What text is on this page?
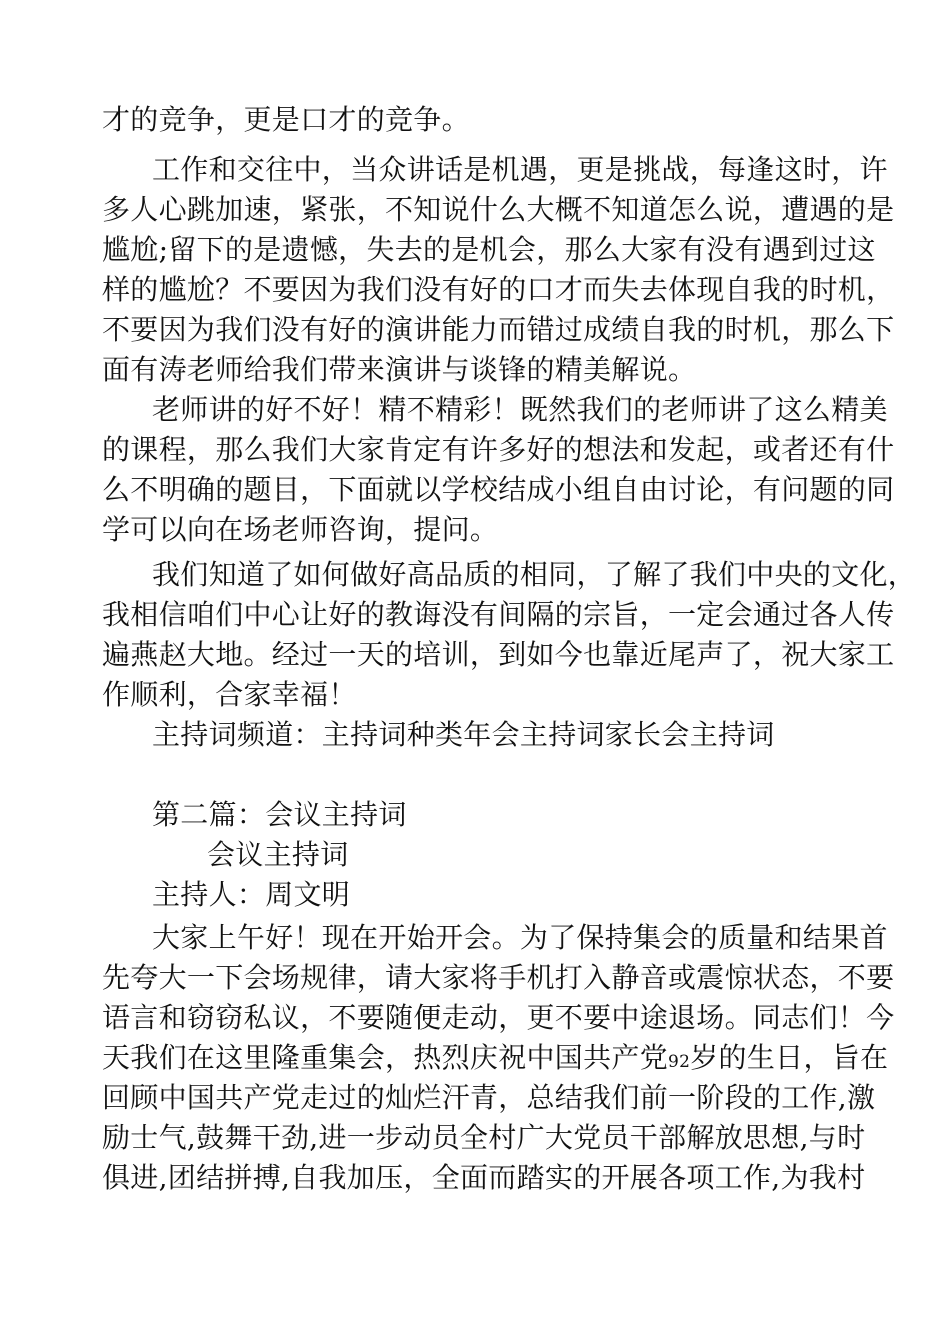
才的竞争，更是口才的竞争。
工作和交往中，当众讲话是机遇，更是挑战，每逢这时，许
多人心跳加速，紧张，不知说什么大概不知道怎么说，遭遇的是
尴尬;留下的是遗憾，失去的是机会，那么大家有没有遇到过这
样的尴尬？不要因为我们没有好的口才而失去体现自我的时机，
不要因为我们没有好的演讲能力而错过成绩自我的时机，那么下
面有涛老师给我们带来演讲与谈锋的精美解说。
老师讲的好不好！精不精彩！既然我们的老师讲了这么精美
的课程，那么我们大家肯定有许多好的想法和发起，或者还有什
么不明确的题目，下面就以学校结成小组自由讨论，有问题的同
学可以向在场老师咨询，提问。
我们知道了如何做好高品质的相同，了解了我们中央的文化，
我相信咱们中心让好的教诲没有间隔的宗旨，一定会通过各人传
遍燕赵大地。经过一天的培训，到如今也靠近尾声了，祝大家工
作顺利，合家幸福！
主持词频道：主持词种类年会主持词家长会主持词
第二篇：会议主持词
会议主持词
主持人：周文明
大家上午好！现在开始开会。为了保持集会的质量和结果首
先夸大一下会场规律，请大家将手机打入静音或震惊状态，不要
语言和窃窃私议，不要随便走动，更不要中途退场。同志们！今
天我们在这里隆重集会，热烈庆祝中国共产党92岁的生日，旨在
回顾中国共产党走过的灿烂汗青，总结我们前一阶段的工作,激
励士气,鼓舞干劲,进一步动员全村广大党员干部解放思想,与时
俱进,团结拼搏,自我加压，全面而踏实的开展各项工作,为我村
